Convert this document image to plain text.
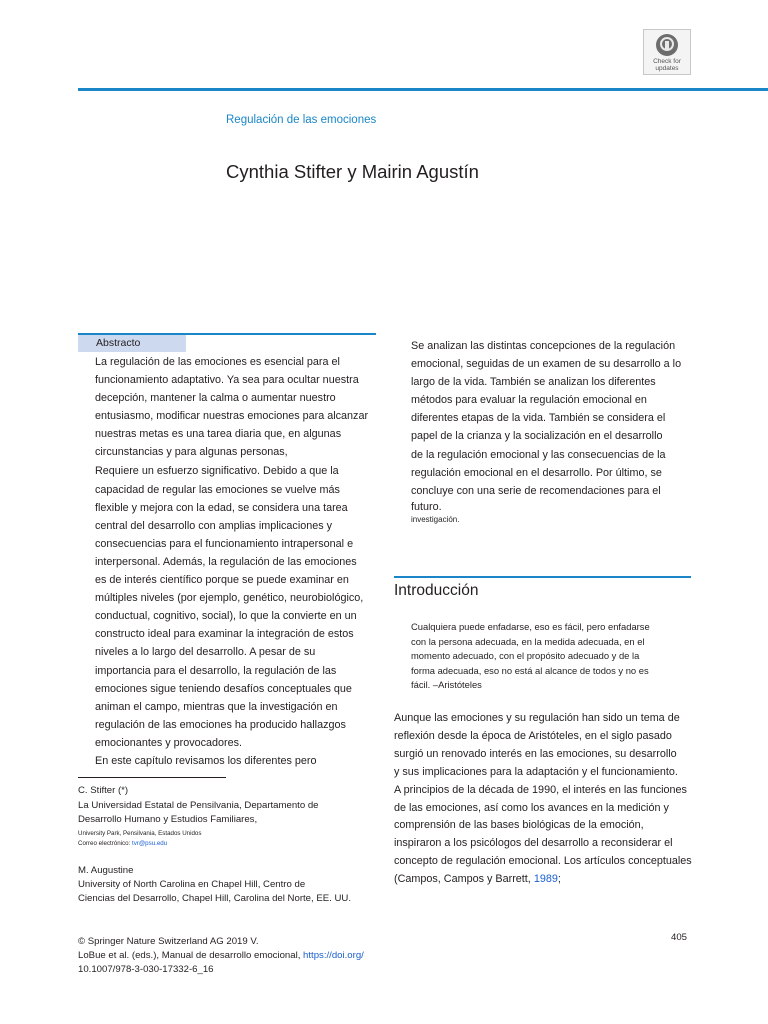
Check for
updates
Regulación de las emociones
Cynthia Stifter y Mairin Agustín
Abstracto

La regulación de las emociones es esencial para el

funcionamiento adaptativo. Ya sea para ocultar nuestra

decepción, mantener la calma o aumentar nuestro

entusiasmo, modificar nuestras emociones para alcanzar

nuestras metas es una tarea diaria que, en algunas

circunstancias y para algunas personas,

Requiere un esfuerzo significativo. Debido a que la

capacidad de regular las emociones se vuelve más

flexible y mejora con la edad, se considera una tarea

central del desarrollo con amplias implicaciones y

consecuencias para el funcionamiento intrapersonal e

interpersonal. Además, la regulación de las emociones

es de interés científico porque se puede examinar en

múltiples niveles (por ejemplo, genético, neurobiológico,

conductual, cognitivo, social), lo que la convierte en un

constructo ideal para examinar la integración de estos

niveles a lo largo del desarrollo. A pesar de su

importancia para el desarrollo, la regulación de las

emociones sigue teniendo desafíos conceptuales que

animan el campo, mientras que la investigación en

regulación de las emociones ha producido hallazgos

emocionantes y provocadores.

En este capítulo revisamos los diferentes pero

Se analizan las distintas concepciones de la regulación

emocional, seguidas de un examen de su desarrollo a lo

largo de la vida. También se analizan los diferentes

métodos para evaluar la regulación emocional en

diferentes etapas de la vida. También se considera el

papel de la crianza y la socialización en el desarrollo

de la regulación emocional y las consecuencias de la

regulación emocional en el desarrollo. Por último, se

concluye con una serie de recomendaciones para el

futuro.

investigación.
Introducción
Cualquiera puede enfadarse, eso es fácil, pero enfadarse
con la persona adecuada, en la medida adecuada, en el
momento adecuado, con el propósito adecuado y de la
forma adecuada, eso no está al alcance de todos y no es
fácil. –Aristóteles
Aunque las emociones y su regulación han sido un tema de
reflexión desde la época de Aristóteles, en el siglo pasado
surgió un renovado interés en las emociones, su desarrollo
y sus implicaciones para la adaptación y el funcionamiento.
A principios de la década de 1990, el interés en las funciones
de las emociones, así como los avances en la medición y
comprensión de las bases biológicas de la emoción,
inspiraron a los psicólogos del desarrollo a reconsiderar el
concepto de regulación emocional. Los artículos conceptuales
(Campos, Campos y Barrett, 1989;
C. Stifter (*)
La Universidad Estatal de Pensilvania, Departamento de
Desarrollo Humano y Estudios Familiares,
University Park, Pensilvania, Estados Unidos
Correo electrónico: tvr@psu.edu
M. Augustine
University of North Carolina en Chapel Hill, Centro de
Ciencias del Desarrollo, Chapel Hill, Carolina del Norte, EE. UU.
© Springer Nature Switzerland AG 2019 V.
LoBue et al. (eds.), Manual de desarrollo emocional, https://doi.org/
10.1007/978-3-030-17332-6_16
405
